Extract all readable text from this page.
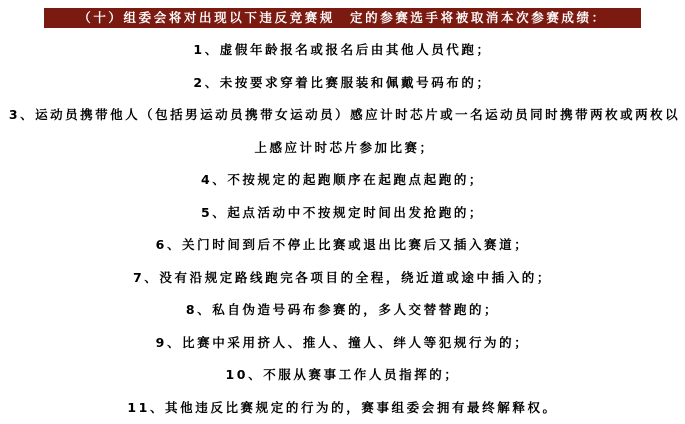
（十）组委会将对出现以下违反竞赛规　定的参赛选手将被取消本次参赛成绩：
1、虚假年龄报名或报名后由其他人员代跑；
2、未按要求穿着比赛服装和佩戴号码布的；
3、运动员携带他人（包括男运动员携带女运动员）感应计时芯片或一名运动员同时携带两枚或两枚以上感应计时芯片参加比赛；
4、不按规定的起跑顺序在起跑点起跑的；
5、起点活动中不按规定时间出发抢跑的；
6、关门时间到后不停止比赛或退出比赛后又插入赛道；
7、没有沿规定路线跑完各项目的全程，绕近道或途中插入的；
8、私自伪造号码布参赛的，多人交替替跑的；
9、比赛中采用挤人、推人、撞人、绊人等犯规行为的；
10、不服从赛事工作人员指挥的；
11、其他违反比赛规定的行为的，赛事组委会拥有最终解释权。
